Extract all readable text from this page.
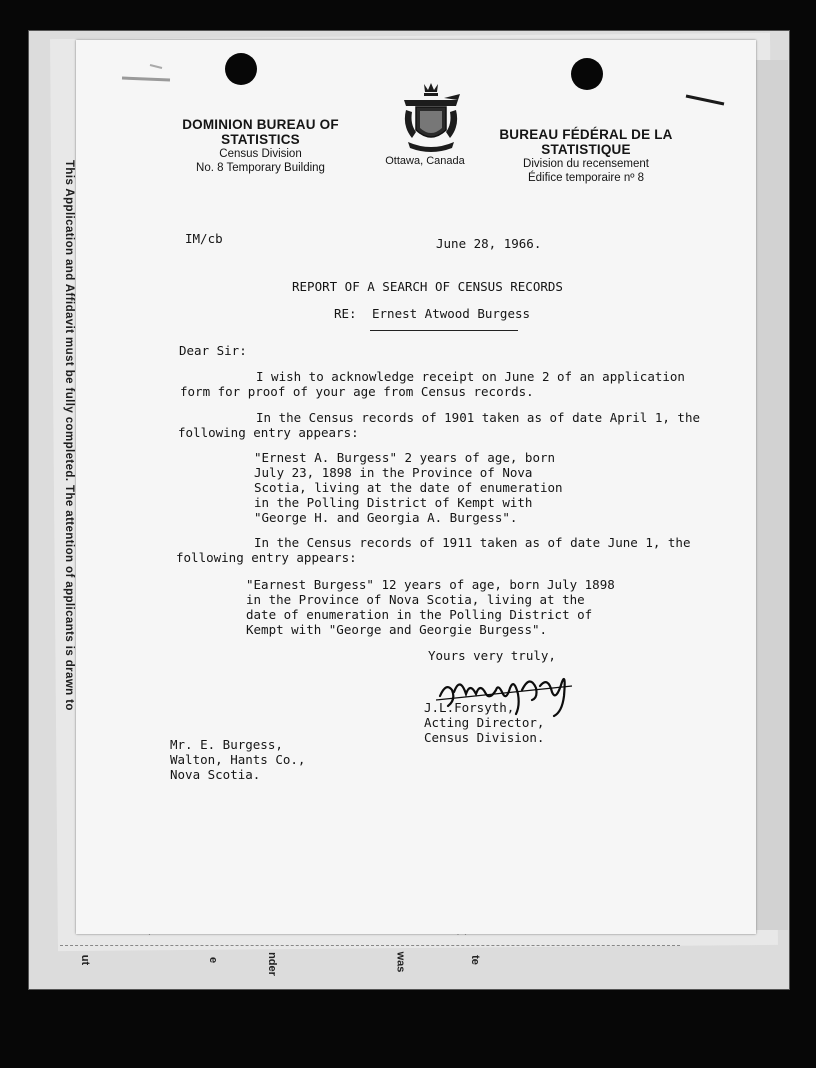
This Application and Affidavit must be fully completed. The attention of applicants is drawn to
ut	e	nder	was	te
DOMINION BUREAU OF STATISTICS
Census Division
No. 8 Temporary Building
Ottawa, Canada
BUREAU FÉDÉRAL DE LA STATISTIQUE
Division du recensement
Édifice temporaire nº 8
IM/cb	June 28, 1966.
REPORT OF A SEARCH OF CENSUS RECORDS
RE: Ernest Atwood Burgess
Dear Sir:
I wish to acknowledge receipt on June 2 of an application
form for proof of your age from Census records.
In the Census records of 1901 taken as of date April 1, the
following entry appears:
"Ernest A. Burgess" 2 years of age, born
July 23, 1898 in the Province of Nova
Scotia, living at the date of enumeration
in the Polling District of Kempt with
"George H. and Georgia A. Burgess".
In the Census records of 1911 taken as of date June 1, the
following entry appears:
"Earnest Burgess" 12 years of age, born July 1898
in the Province of Nova Scotia, living at the
date of enumeration in the Polling District of
Kempt with "George and Georgie Burgess".
Yours very truly,
J.L.Forsyth,
Acting Director,
Census Division.
Mr. E. Burgess,
Walton, Hants Co.,
Nova Scotia.
